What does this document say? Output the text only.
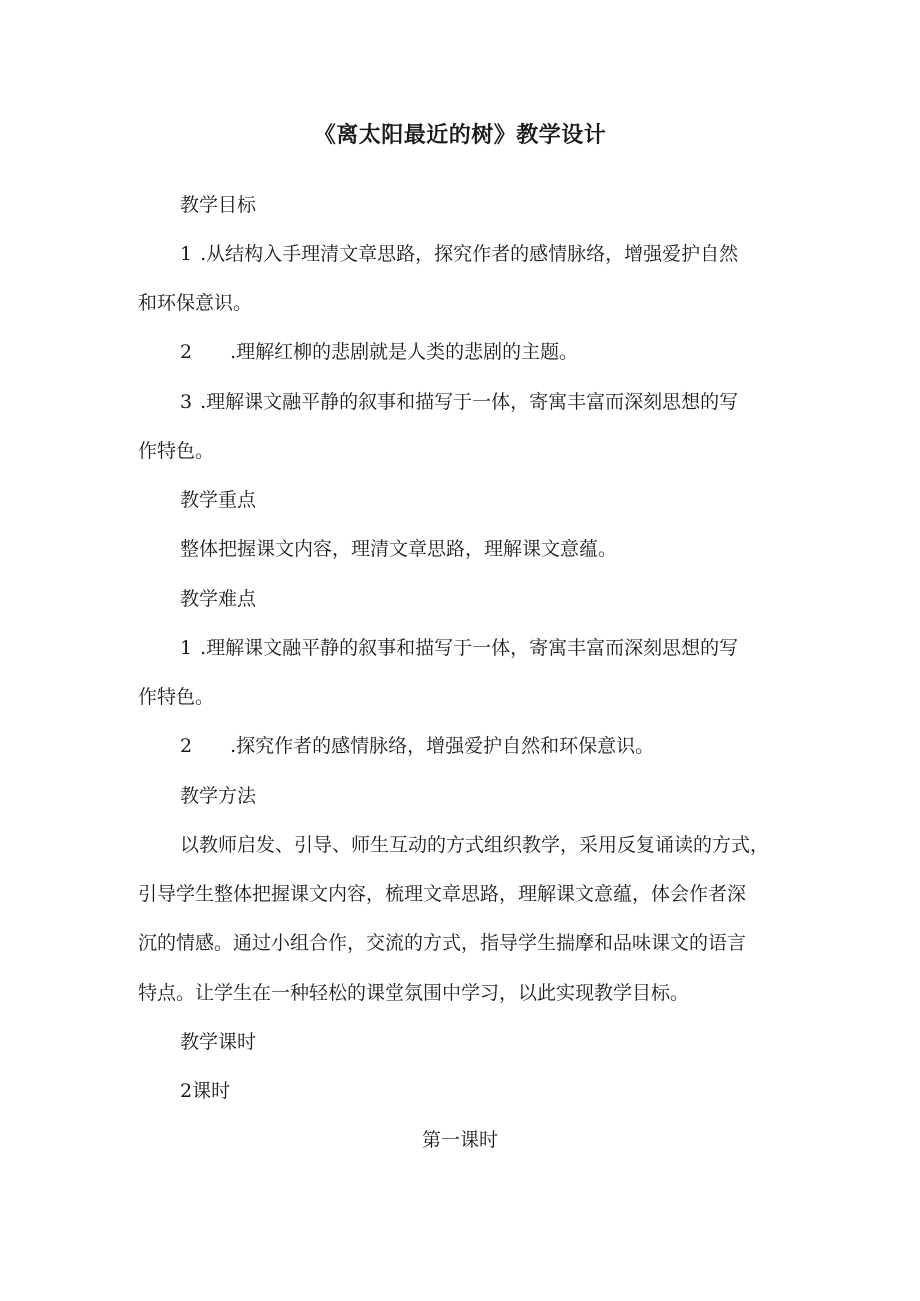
《离太阳最近的树》教学设计

教学目标

1 .从结构入手理清文章思路，探究作者的感情脉络，增强爱护自然

和环保意识。

2 .理解红柳的悲剧就是人类的悲剧的主题。

3 .理解课文融平静的叙事和描写于一体，寄寓丰富而深刻思想的写

作特色。

教学重点

整体把握课文内容，理清文章思路，理解课文意蕴。

教学难点

1 .理解课文融平静的叙事和描写于一体，寄寓丰富而深刻思想的写

作特色。

2 .探究作者的感情脉络，增强爱护自然和环保意识。

教学方法

以教师启发、引导、师生互动的方式组织教学，采用反复诵读的方式，

引导学生整体把握课文内容，梳理文章思路，理解课文意蕴，体会作者深

沉的情感。通过小组合作，交流的方式，指导学生揣摩和品味课文的语言

特点。让学生在一种轻松的课堂氛围中学习，以此实现教学目标。

教学课时

2课时

第一课时
